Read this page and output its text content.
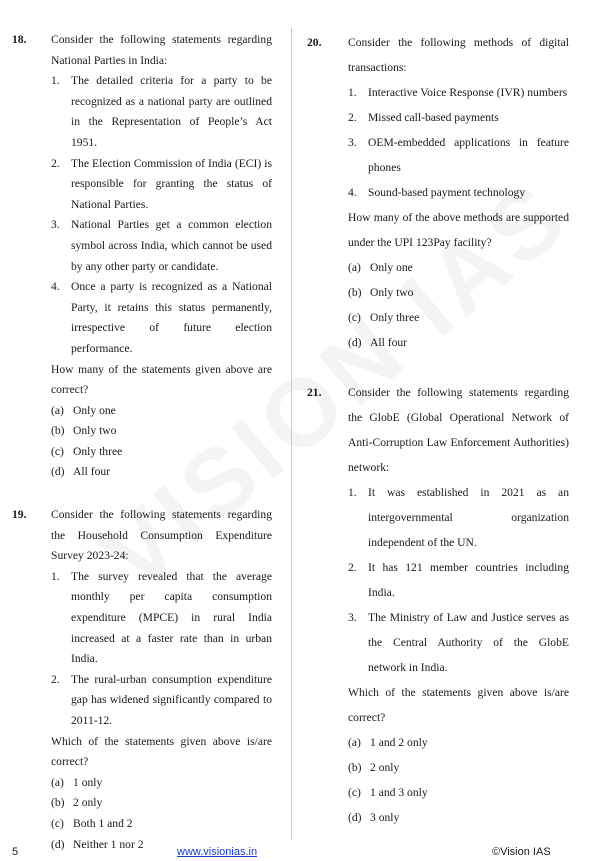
18. Consider the following statements regarding National Parties in India:
1. The detailed criteria for a party to be recognized as a national party are outlined in the Representation of People’s Act 1951.
2. The Election Commission of India (ECI) is responsible for granting the status of National Parties.
3. National Parties get a common election symbol across India, which cannot be used by any other party or candidate.
4. Once a party is recognized as a National Party, it retains this status permanently, irrespective of future election performance.
How many of the statements given above are correct?
(a) Only one
(b) Only two
(c) Only three
(d) All four
19. Consider the following statements regarding the Household Consumption Expenditure Survey 2023-24:
1. The survey revealed that the average monthly per capita consumption expenditure (MPCE) in rural India increased at a faster rate than in urban India.
2. The rural-urban consumption expenditure gap has widened significantly compared to 2011-12.
Which of the statements given above is/are correct?
(a) 1 only
(b) 2 only
(c) Both 1 and 2
(d) Neither 1 nor 2
20. Consider the following methods of digital transactions:
1. Interactive Voice Response (IVR) numbers
2. Missed call-based payments
3. OEM-embedded applications in feature phones
4. Sound-based payment technology
How many of the above methods are supported under the UPI 123Pay facility?
(a) Only one
(b) Only two
(c) Only three
(d) All four
21. Consider the following statements regarding the GlobE (Global Operational Network of Anti-Corruption Law Enforcement Authorities) network:
1. It was established in 2021 as an intergovernmental organization independent of the UN.
2. It has 121 member countries including India.
3. The Ministry of Law and Justice serves as the Central Authority of the GlobE network in India.
Which of the statements given above is/are correct?
(a) 1 and 2 only
(b) 2 only
(c) 1 and 3 only
(d) 3 only
5	www.visionias.in	©Vision IAS
